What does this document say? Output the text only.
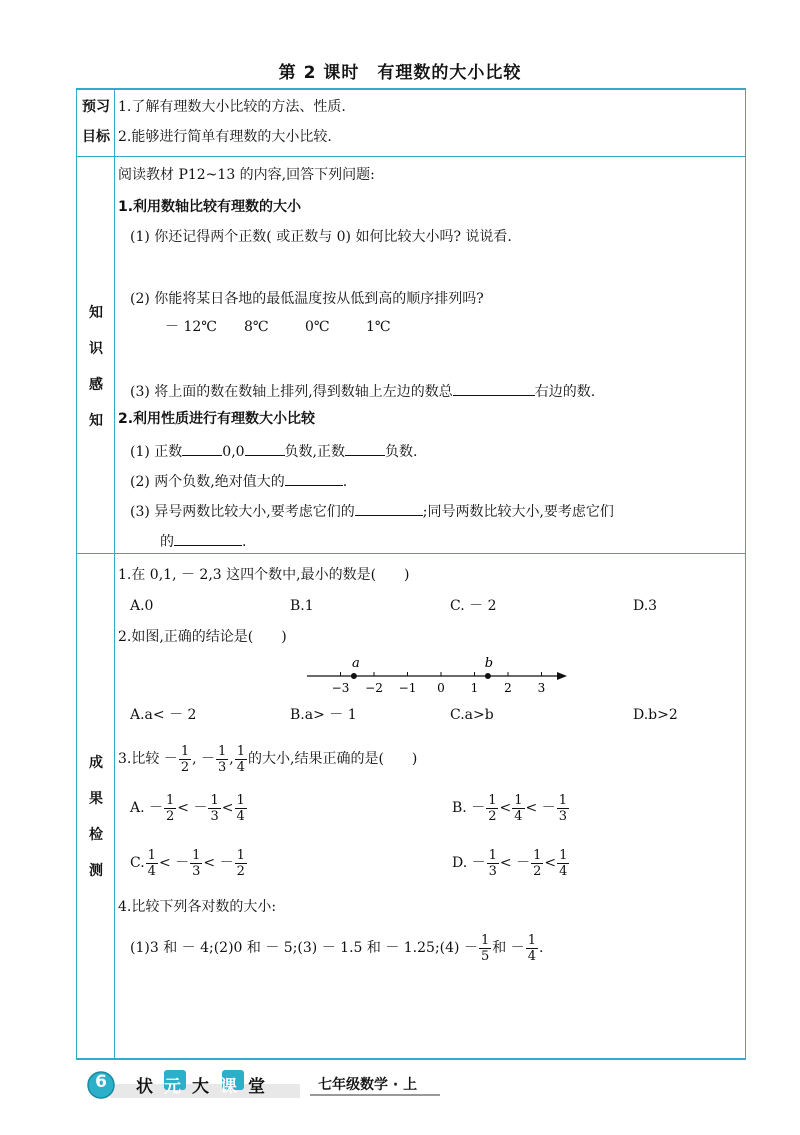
第 2 课时　有理数的大小比较
预习
目标
1.了解有理数大小比较的方法、性质.
2.能够进行简单有理数的大小比较.
知
识
感
知
阅读教材 P12~13 的内容,回答下列问题:
1.利用数轴比较有理数的大小
(1) 你还记得两个正数( 或正数与 0) 如何比较大小吗? 说说看.
(2) 你能将某日各地的最低温度按从低到高的顺序排列吗?
－ 12℃ 8℃	0℃	1℃
(3) 将上面的数在数轴上排列,得到数轴上左边的数总	右边的数.
2.利用性质进行有理数大小比较
(1) 正数	0,0	负数,正数	负数.
(2) 两个负数,绝对值大的	.
(3) 异号两数比较大小,要考虑它们的	;同号两数比较大小,要考虑它们
的	.
成
果
检
测
1.在 0,1, － 2,3 这四个数中,最小的数是(　　)
A.0	B.1	C. － 2	D.3
2.如图,正确的结论是(　　)
−3 −2 −1 0 1 2 3
a	b
A.a< － 2	B.a> － 1	C.a>b	D.b>2
3.比较 － $\frac{1}{2}$ , － $\frac{1}{3}$ , $\frac{1}{4}$ 的大小,结果正确的是(　　)
A. － $\frac{1}{2}$ < － $\frac{1}{3} < \frac{1}{4}$	B. － $\frac{1}{2} < \frac{1}{4}$ < － $\frac{1}{3}$
C. $\frac{1}{4}$ < － $\frac{1}{3}$ < － $\frac{1}{2}$	D. － $\frac{1}{3}$ < － $\frac{1}{2} < \frac{1}{4}$
4.比较下列各对数的大小:
(1)3 和 － 4;(2)0 和 － 5;(3) － 1.5 和 － 1.25;(4) － $\frac{1}{5}$ 和 － $\frac{1}{4}$ .
6	状元大课堂	七年级数学 · 上
